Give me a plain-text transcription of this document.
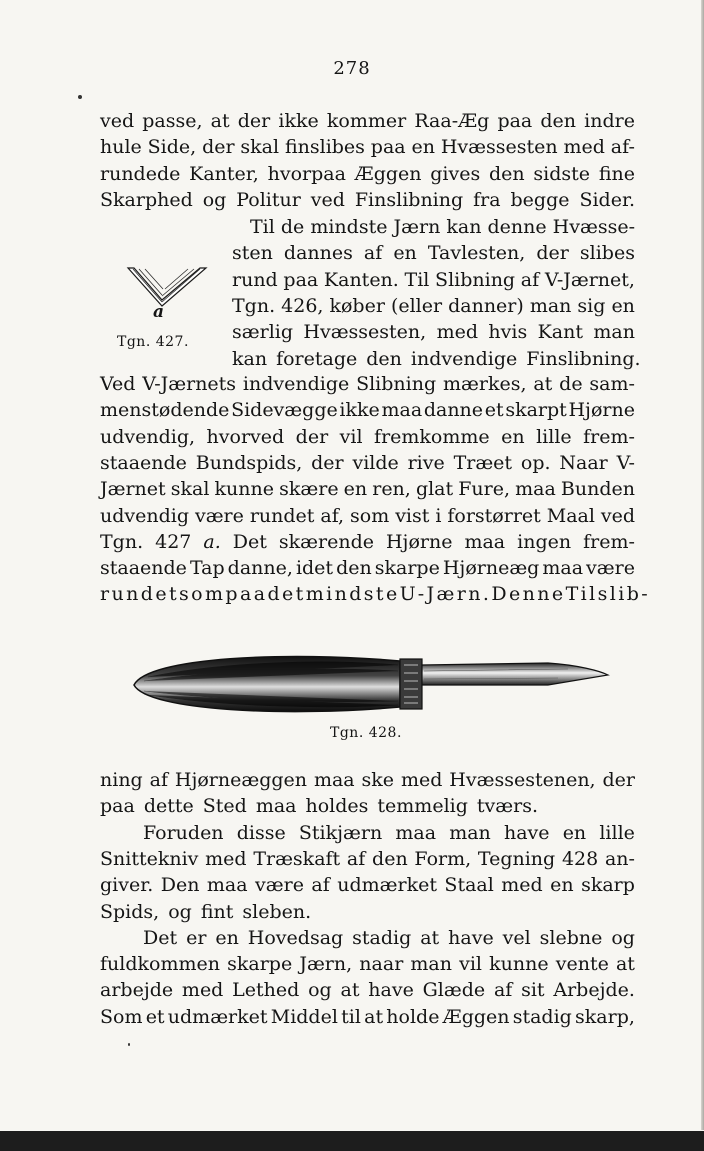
278
ved passe, at der ikke kommer Raa-Æg paa den indre
hule Side, der skal finslibes paa en Hvæssesten med af-
rundede Kanter, hvorpaa Æggen gives den sidste fine
Skarphed og Politur ved Finslibning fra begge Sider.
Til de mindste Jærn kan denne Hvæsse-
sten dannes af en Tavlesten, der slibes
rund paa Kanten. Til Slibning af V-Jærnet,
Tgn. 426, køber (eller danner) man sig en
særlig Hvæssesten, med hvis Kant man
kan foretage den indvendige Finslibning.
Ved V-Jærnets indvendige Slibning mærkes, at de sam-
menstødende Sidevægge ikke maa danne et skarpt Hjørne
udvendig, hvorved der vil fremkomme en lille frem-
staaende Bundspids, der vilde rive Træet op. Naar V-
Jærnet skal kunne skære en ren, glat Fure, maa Bunden
udvendig være rundet af, som vist i forstørret Maal ved
Tgn. 427 a. Det skærende Hjørne maa ingen frem-
staaende Tap danne, idet den skarpe Hjørneæg maa være
rundet som paa det mindste U-Jærn. Denne Tilslib-
ning af Hjørneæggen maa ske med Hvæssestenen, der
paa dette Sted maa holdes temmelig tværs.
Foruden disse Stikjærn maa man have en lille
Snittekniv med Træskaft af den Form, Tegning 428 an-
giver. Den maa være af udmærket Staal med en skarp
Spids, og fint sleben.
Det er en Hovedsag stadig at have vel slebne og
fuldkommen skarpe Jærn, naar man vil kunne vente at
arbejde med Lethed og at have Glæde af sit Arbejde.
Som et udmærket Middel til at holde Æggen stadig skarp,
a
Tgn. 427.
Tgn. 428.
